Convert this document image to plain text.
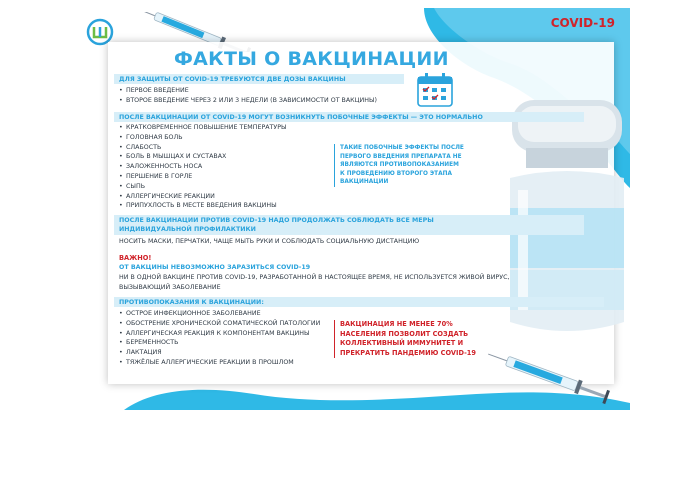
COVID-19
ФАКТЫ О ВАКЦИНАЦИИ
ДЛЯ ЗАЩИТЫ ОТ COVID-19 ТРЕБУЮТСЯ ДВЕ ДОЗЫ ВАКЦИНЫ
• ПЕРВОЕ ВВЕДЕНИЕ
• ВТОРОЕ ВВЕДЕНИЕ ЧЕРЕЗ 2 ИЛИ 3 НЕДЕЛИ (В ЗАВИСИМОСТИ ОТ ВАКЦИНЫ)
ПОСЛЕ ВАКЦИНАЦИИ ОТ COVID-19 МОГУТ ВОЗНИКНУТЬ ПОБОЧНЫЕ ЭФФЕКТЫ — ЭТО НОРМАЛЬНО
• КРАТКОВРЕМЕННОЕ ПОВЫШЕНИЕ ТЕМПЕРАТУРЫ
• ГОЛОВНАЯ БОЛЬ
• СЛАБОСТЬ
• БОЛЬ В МЫШЦАХ И СУСТАВАХ
• ЗАЛОЖЕННОСТЬ НОСА
• ПЕРШЕНИЕ В ГОРЛЕ
• СЫПЬ
• АЛЛЕРГИЧЕСКИЕ РЕАКЦИИ
• ПРИПУХЛОСТЬ В МЕСТЕ ВВЕДЕНИЯ ВАКЦИНЫ
ТАКИЕ ПОБОЧНЫЕ ЭФФЕКТЫ ПОСЛЕ
ПЕРВОГО ВВЕДЕНИЯ ПРЕПАРАТА НЕ
ЯВЛЯЮТСЯ ПРОТИВОПОКАЗАНИЕМ
К ПРОВЕДЕНИЮ ВТОРОГО ЭТАПА
ВАКЦИНАЦИИ
ПОСЛЕ ВАКЦИНАЦИИ ПРОТИВ COVID-19 НАДО ПРОДОЛЖАТЬ СОБЛЮДАТЬ ВСЕ МЕРЫ
ИНДИВИДУАЛЬНОЙ ПРОФИЛАКТИКИ
НОСИТЬ МАСКИ, ПЕРЧАТКИ, ЧАЩЕ МЫТЬ РУКИ И СОБЛЮДАТЬ СОЦИАЛЬНУЮ ДИСТАНЦИЮ
ВАЖНО!
ОТ ВАКЦИНЫ НЕВОЗМОЖНО ЗАРАЗИТЬСЯ COVID-19
НИ В ОДНОЙ ВАКЦИНЕ ПРОТИВ COVID-19, РАЗРАБОТАННОЙ В НАСТОЯЩЕЕ ВРЕМЯ, НЕ ИСПОЛЬЗУЕТСЯ ЖИВОЙ ВИРУС,
ВЫЗЫВАЮЩИЙ ЗАБОЛЕВАНИЕ
ПРОТИВОПОКАЗАНИЯ К ВАКЦИНАЦИИ:
• ОСТРОЕ ИНФЕКЦИОННОЕ ЗАБОЛЕВАНИЕ
• ОБОСТРЕНИЕ ХРОНИЧЕСКОЙ СОМАТИЧЕСКОЙ ПАТОЛОГИИ
• АЛЛЕРГИЧЕСКАЯ РЕАКЦИЯ К КОМПОНЕНТАМ ВАКЦИНЫ
• БЕРЕМЕННОСТЬ
• ЛАКТАЦИЯ
• ТЯЖЁЛЫЕ АЛЛЕРГИЧЕСКИЕ РЕАКЦИИ В ПРОШЛОМ
ВАКЦИНАЦИЯ НЕ МЕНЕЕ 70%
НАСЕЛЕНИЯ ПОЗВОЛИТ СОЗДАТЬ
КОЛЛЕКТИВНЫЙ ИММУНИТЕТ И
ПРЕКРАТИТЬ ПАНДЕМИЮ COVID-19
